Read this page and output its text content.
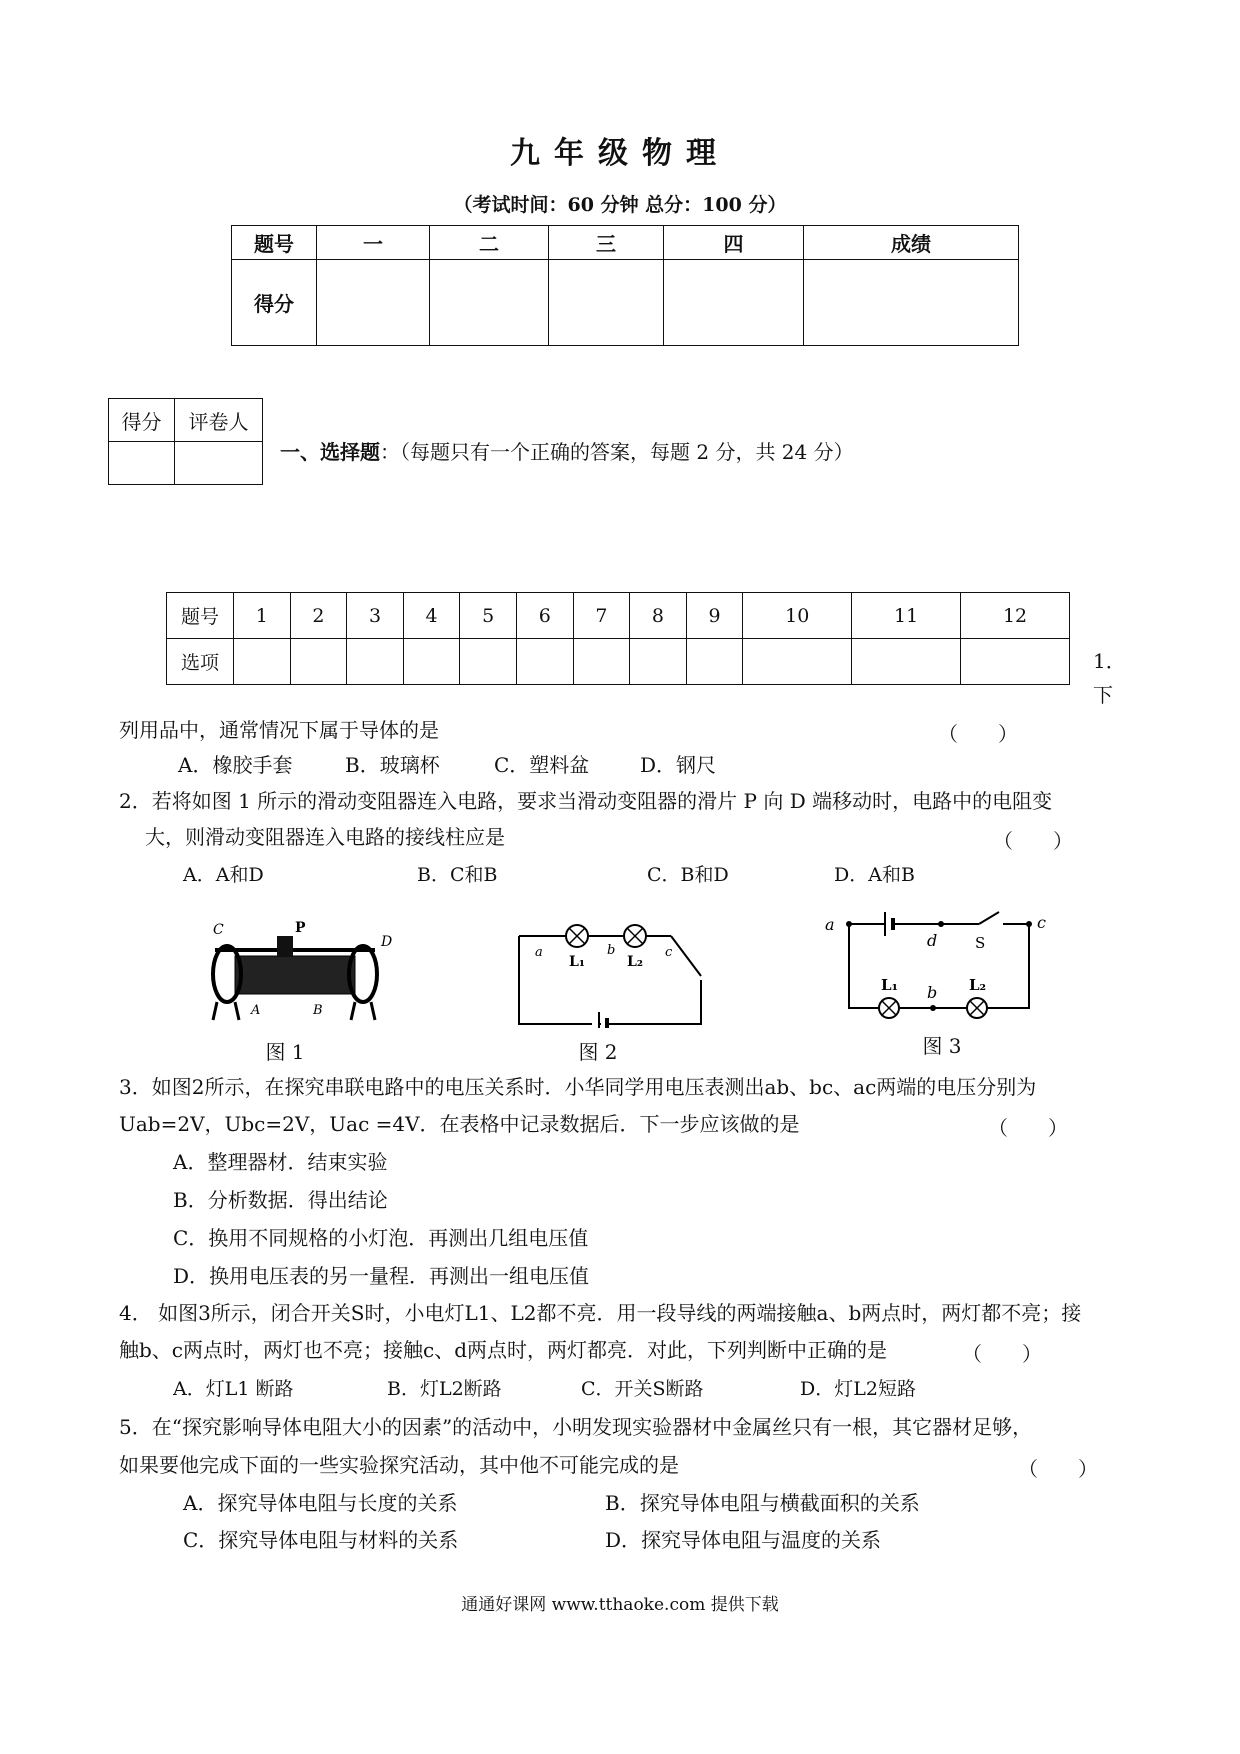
九年级物理
（考试时间：60 分钟 总分：100 分）
题号	一	二	三	四	成绩
得分					
得分	评卷人

一、选择题：（每题只有一个正确的答案，每题 2 分，共 24 分）
题号	1	2	3	4	5	6	7	8	9	10	11	12
选项													1．
下
列用品中，通常情况下属于导体的是	（　　）
A．橡胶手套	B．玻璃杯	C．塑料盆	D．钢尺
2．若将如图 1 所示的滑动变阻器连入电路，要求当滑动变阻器的滑片 P 向 D 端移动时，电路中的电阻变
大，则滑动变阻器连入电路的接线柱应是	（　　）
A．A和D	B．C和B	C．B和D	D．A和B
C	P
D
A	B
a	b	c
L₁	L₂
a
d	S
c
L₁ b L₂
图 1	图 2	图 3
3．如图2所示，在探究串联电路中的电压关系时．小华同学用电压表测出ab、bc、ac两端的电压分别为
Uab=2V，Ubc=2V，Uac =4V．在表格中记录数据后．下一步应该做的是	（　　）
A．整理器材．结束实验
B．分析数据．得出结论
C．换用不同规格的小灯泡．再测出几组电压值
D．换用电压表的另一量程．再测出一组电压值
4． 如图3所示，闭合开关S时，小电灯L1、L2都不亮．用一段导线的两端接触a、b两点时，两灯都不亮；接
触b、c两点时，两灯也不亮；接触c、d两点时，两灯都亮．对此，下列判断中正确的是	（　　）
A．灯L1 断路	B．灯L2断路	C．开关S断路	D．灯L2短路
5．在“探究影响导体电阻大小的因素”的活动中，小明发现实验器材中金属丝只有一根，其它器材足够，
如果要他完成下面的一些实验探究活动，其中他不可能完成的是	（　　）
A．探究导体电阻与长度的关系	B．探究导体电阻与横截面积的关系
C．探究导体电阻与材料的关系	D．探究导体电阻与温度的关系
通通好课网 www.tthaoke.com 提供下载
